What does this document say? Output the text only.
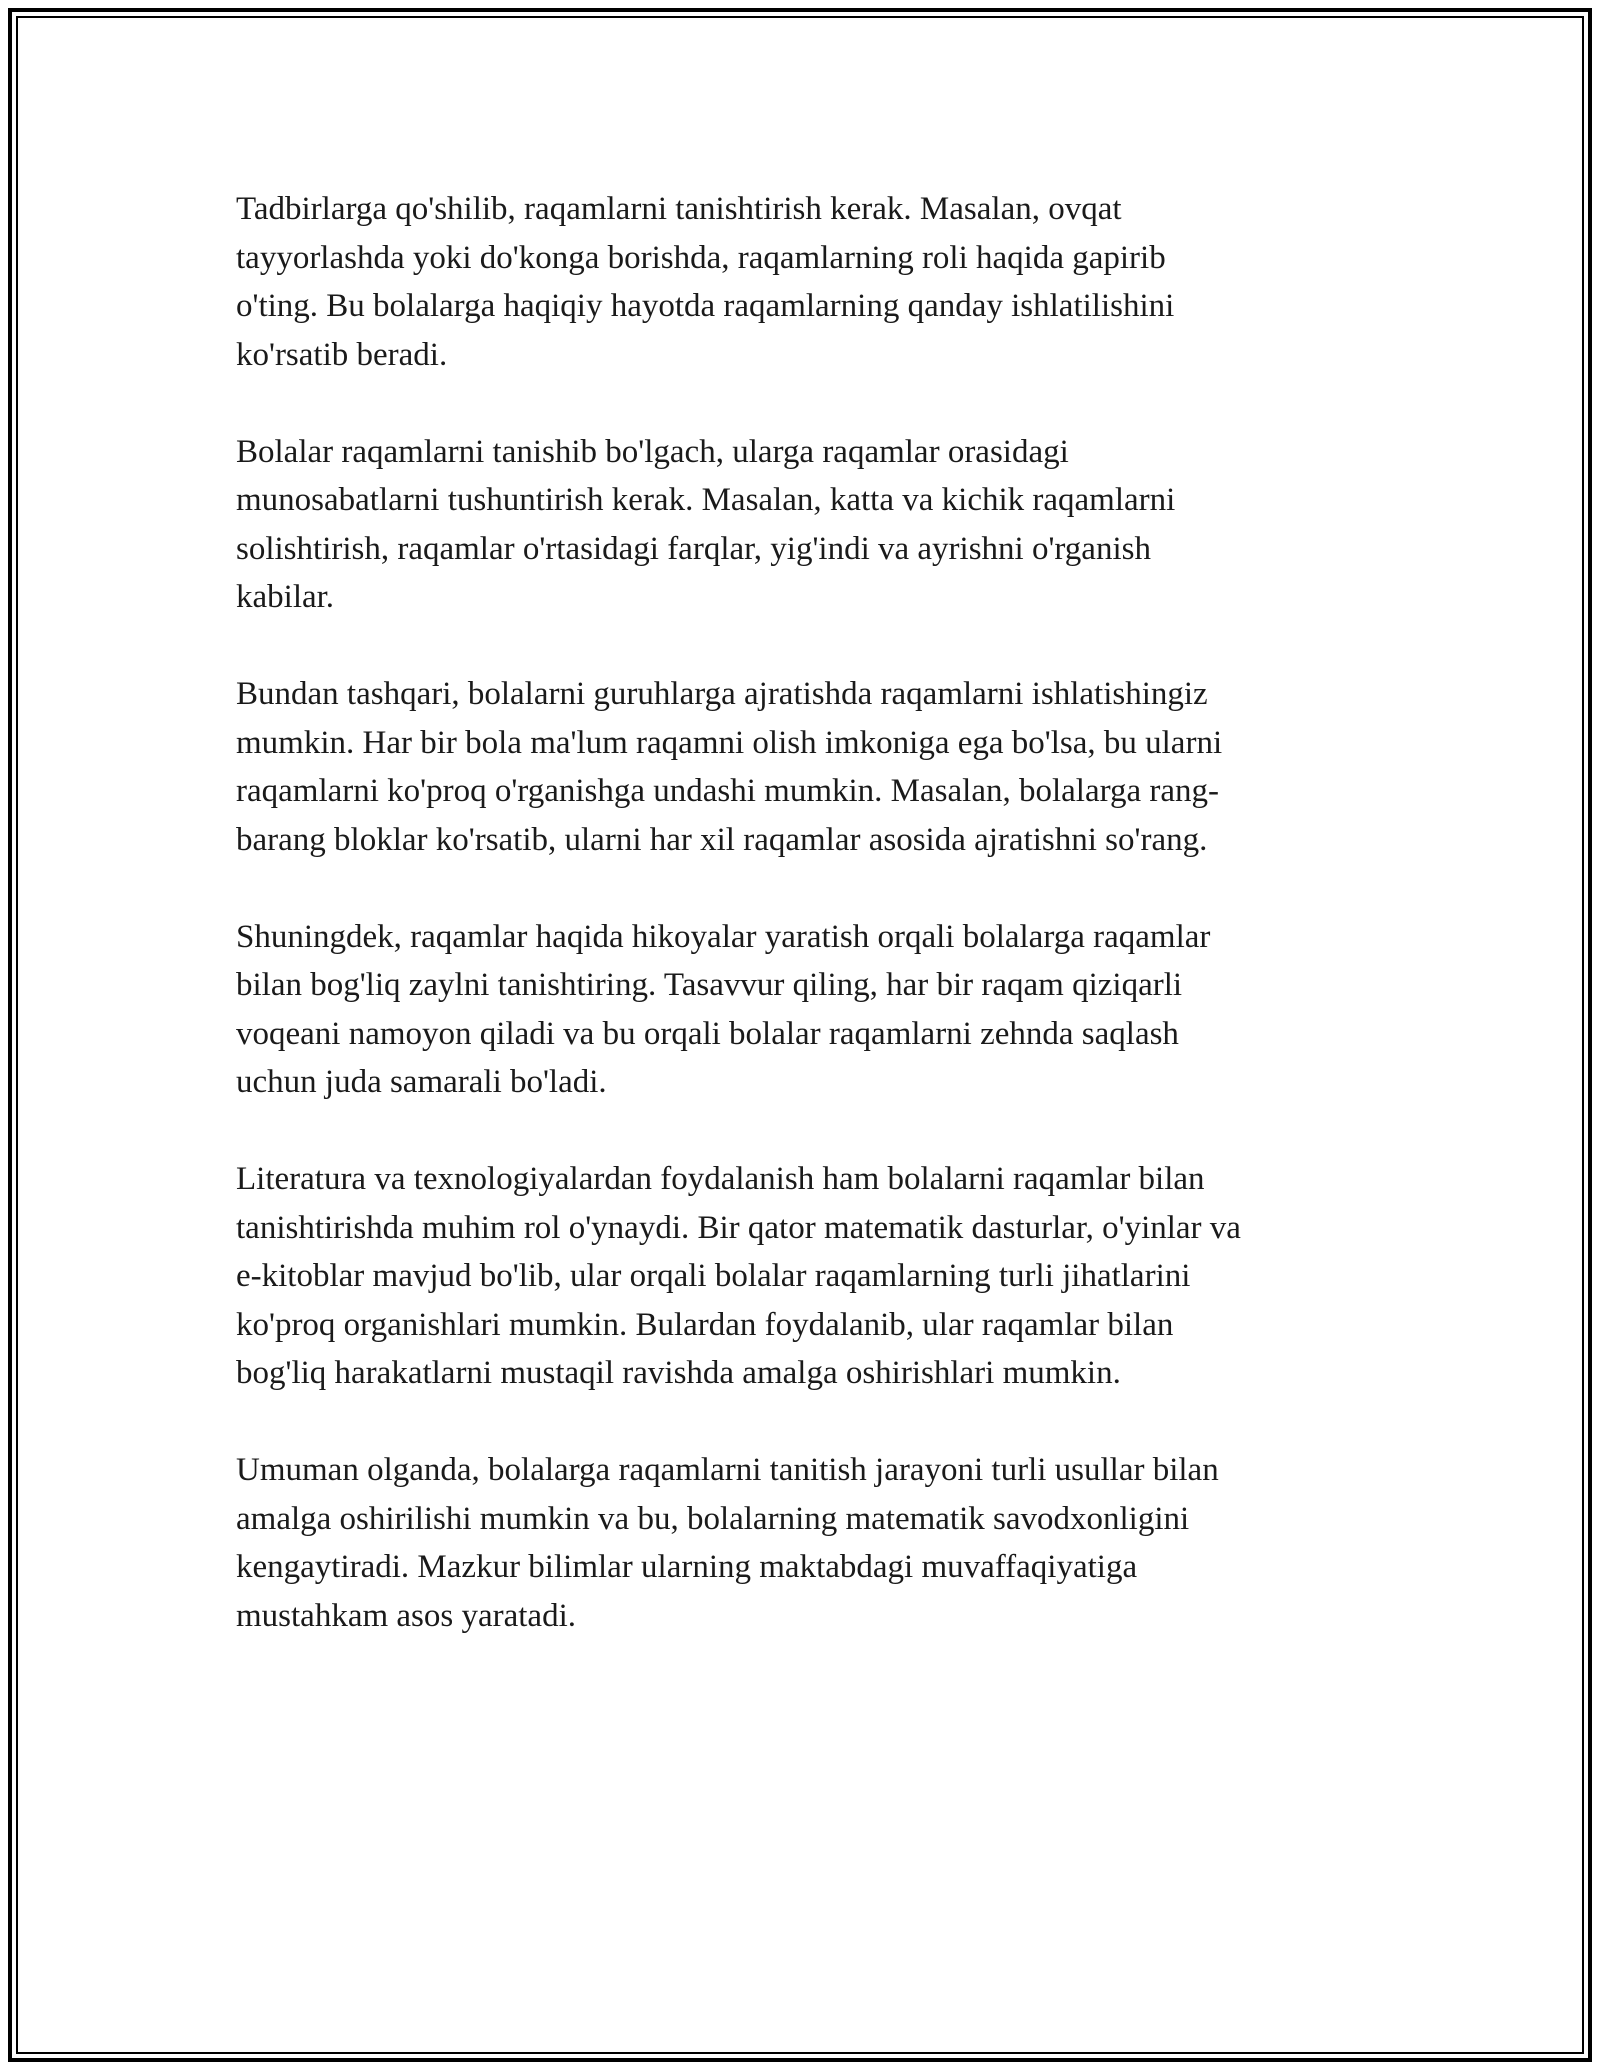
Tadbirlarga qo'shilib, raqamlarni tanishtirish kerak. Masalan, ovqat
tayyorlashda yoki do'konga borishda, raqamlarning roli haqida gapirib
o'ting. Bu bolalarga haqiqiy hayotda raqamlarning qanday ishlatilishini
ko'rsatib beradi.

Bolalar raqamlarni tanishib bo'lgach, ularga raqamlar orasidagi
munosabatlarni tushuntirish kerak. Masalan, katta va kichik raqamlarni
solishtirish, raqamlar o'rtasidagi farqlar, yig'indi va ayrishni o'rganish
kabilar.

Bundan tashqari, bolalarni guruhlarga ajratishda raqamlarni ishlatishingiz
mumkin. Har bir bola ma'lum raqamni olish imkoniga ega bo'lsa, bu ularni
raqamlarni ko'proq o'rganishga undashi mumkin. Masalan, bolalarga rang-
barang bloklar ko'rsatib, ularni har xil raqamlar asosida ajratishni so'rang.

Shuningdek, raqamlar haqida hikoyalar yaratish orqali bolalarga raqamlar
bilan bog'liq zaylni tanishtiring. Tasavvur qiling, har bir raqam qiziqarli
voqeani namoyon qiladi va bu orqali bolalar raqamlarni zehnda saqlash
uchun juda samarali bo'ladi.

Literatura va texnologiyalardan foydalanish ham bolalarni raqamlar bilan
tanishtirishda muhim rol o'ynaydi. Bir qator matematik dasturlar, o'yinlar va
e-kitoblar mavjud bo'lib, ular orqali bolalar raqamlarning turli jihatlarini
ko'proq organishlari mumkin. Bulardan foydalanib, ular raqamlar bilan
bog'liq harakatlarni mustaqil ravishda amalga oshirishlari mumkin.

Umuman olganda, bolalarga raqamlarni tanitish jarayoni turli usullar bilan
amalga oshirilishi mumkin va bu, bolalarning matematik savodxonligini
kengaytiradi. Mazkur bilimlar ularning maktabdagi muvaffaqiyatiga
mustahkam asos yaratadi.
